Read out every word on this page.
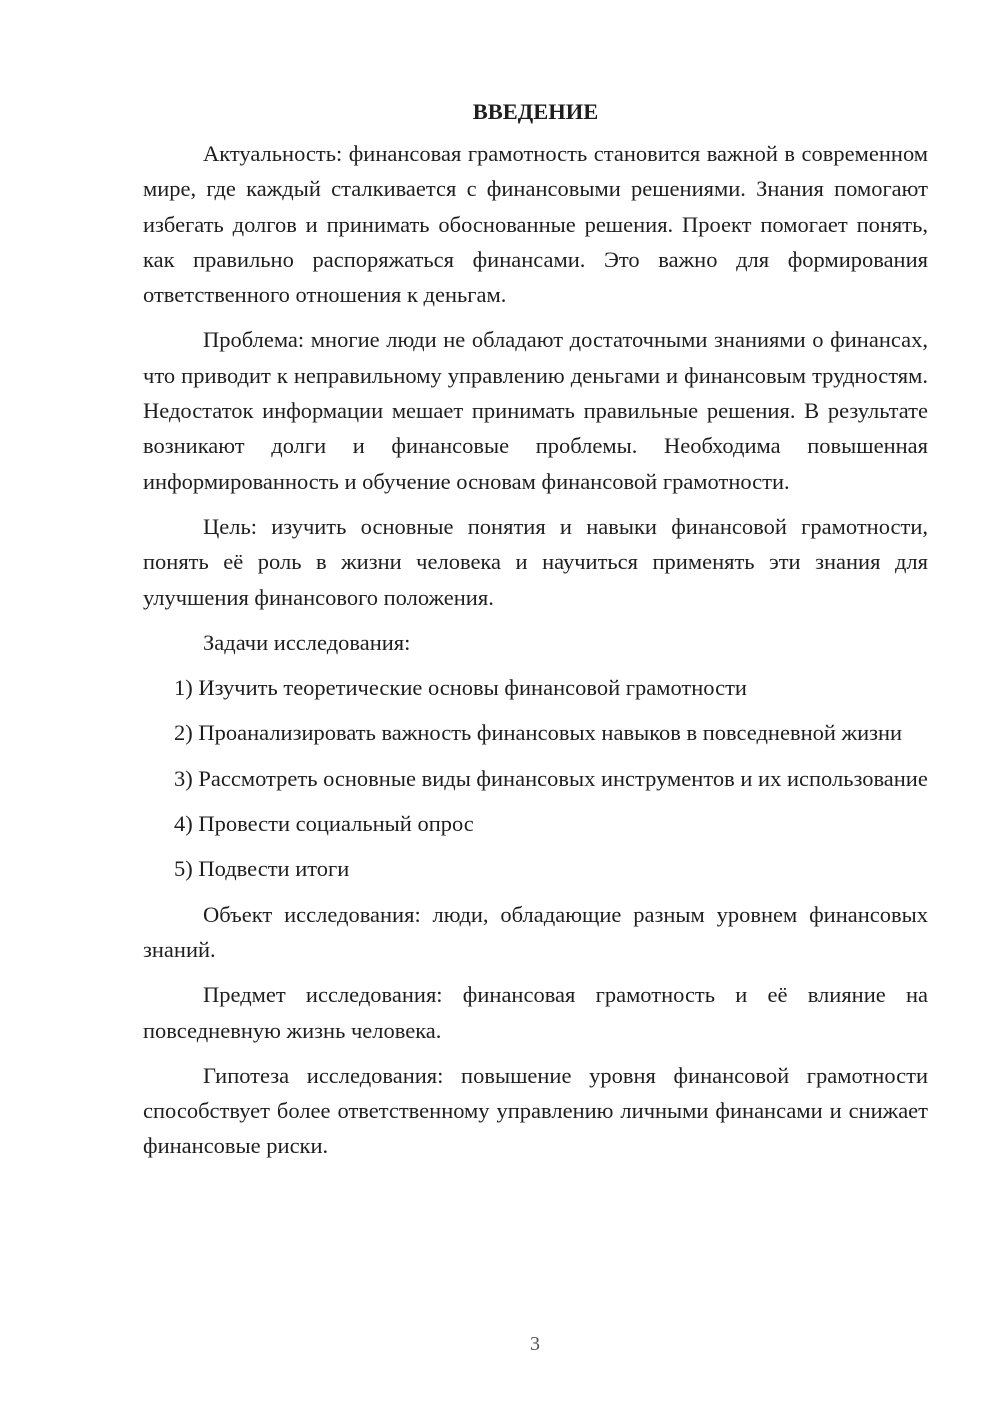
ВВЕДЕНИЕ

Актуальность: финансовая грамотность становится важной в современном мире, где каждый сталкивается с финансовыми решениями. Знания помогают избегать долгов и принимать обоснованные решения. Проект помогает понять, как правильно распоряжаться финансами. Это важно для формирования ответственного отношения к деньгам.

Проблема: многие люди не обладают достаточными знаниями о финансах, что приводит к неправильному управлению деньгами и финансовым трудностям. Недостаток информации мешает принимать правильные решения. В результате возникают долги и финансовые проблемы. Необходима повышенная информированность и обучение основам финансовой грамотности.

Цель: изучить основные понятия и навыки финансовой грамотности, понять её роль в жизни человека и научиться применять эти знания для улучшения финансового положения.

Задачи исследования:

1) Изучить теоретические основы финансовой грамотности

2) Проанализировать важность финансовых навыков в повседневной жизни

3) Рассмотреть основные виды финансовых инструментов и их использование

4) Провести социальный опрос

5) Подвести итоги

Объект исследования: люди, обладающие разным уровнем финансовых знаний.

Предмет исследования: финансовая грамотность и её влияние на повседневную жизнь человека.

Гипотеза исследования: повышение уровня финансовой грамотности способствует более ответственному управлению личными финансами и снижает финансовые риски.

3
